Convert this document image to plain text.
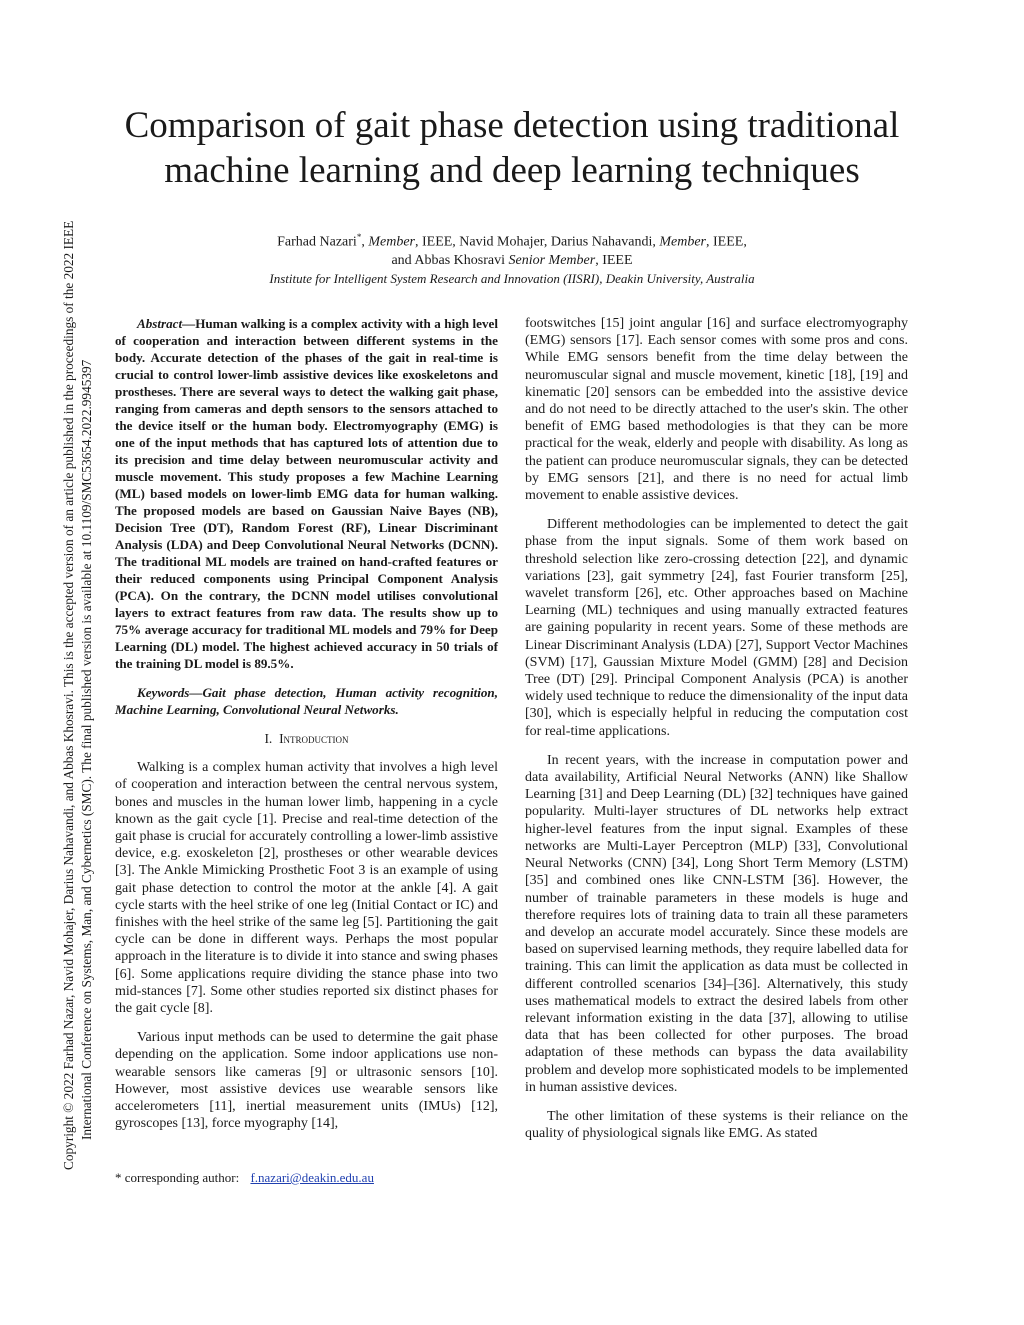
Copyright © 2022 Farhad Nazar, Navid Mohajer, Darius Nahavandi, and Abbas Khosravi. This is the accepted version of an article published in the proceedings of the 2022 IEEE International Conference on Systems, Man, and Cybernetics (SMC). The final published version is available at 10.1109/SMC53654.2022.9945397
Comparison of gait phase detection using traditional
machine learning and deep learning techniques
Farhad Nazari*, Member, IEEE, Navid Mohajer, Darius Nahavandi, Member, IEEE,
and Abbas Khosravi Senior Member, IEEE
Institute for Intelligent System Research and Innovation (IISRI), Deakin University, Australia

Abstract—Human walking is a complex activity with a high level of cooperation and interaction between different systems in the body. Accurate detection of the phases of the gait in real-time is crucial to control lower-limb assistive devices like exoskeletons and prostheses. There are several ways to detect the walking gait phase, ranging from cameras and depth sensors to the sensors attached to the device itself or the human body. Electromyography (EMG) is one of the input methods that has captured lots of attention due to its precision and time delay between neuromuscular activity and muscle movement. This study proposes a few Machine Learning (ML) based models on lower-limb EMG data for human walking. The proposed models are based on Gaussian Naive Bayes (NB), Decision Tree (DT), Random Forest (RF), Linear Discriminant Analysis (LDA) and Deep Convolutional Neural Networks (DCNN). The traditional ML models are trained on hand-crafted features or their reduced components using Principal Component Analysis (PCA). On the contrary, the DCNN model utilises convolutional layers to extract features from raw data. The results show up to 75% average accuracy for traditional ML models and 79% for Deep Learning (DL) model. The highest achieved accuracy in 50 trials of the training DL model is 89.5%.

Keywords—Gait phase detection, Human activity recognition, Machine Learning, Convolutional Neural Networks.

I. Introduction

Walking is a complex human activity that involves a high level of cooperation and interaction between the central nervous system, bones and muscles in the human lower limb, happening in a cycle known as the gait cycle [1]. Precise and real-time detection of the gait phase is crucial for accurately controlling a lower-limb assistive device, e.g. exoskeleton [2], prostheses or other wearable devices [3]. The Ankle Mimicking Prosthetic Foot 3 is an example of using gait phase detection to control the motor at the ankle [4]. A gait cycle starts with the heel strike of one leg (Initial Contact or IC) and finishes with the heel strike of the same leg [5]. Partitioning the gait cycle can be done in different ways. Perhaps the most popular approach in the literature is to divide it into stance and swing phases [6]. Some applications require dividing the stance phase into two mid-stances [7]. Some other studies reported six distinct phases for the gait cycle [8].

Various input methods can be used to determine the gait phase depending on the application. Some indoor applications use non-wearable sensors like cameras [9] or ultrasonic sensors [10]. However, most assistive devices use wearable sensors like accelerometers [11], inertial measurement units (IMUs) [12], gyroscopes [13], force myography [14],

footswitches [15] joint angular [16] and surface electromyography (EMG) sensors [17]. Each sensor comes with some pros and cons. While EMG sensors benefit from the time delay between the neuromuscular signal and muscle movement, kinetic [18], [19] and kinematic [20] sensors can be embedded into the assistive device and do not need to be directly attached to the user's skin. The other benefit of EMG based methodologies is that they can be more practical for the weak, elderly and people with disability. As long as the patient can produce neuromuscular signals, they can be detected by EMG sensors [21], and there is no need for actual limb movement to enable assistive devices.

Different methodologies can be implemented to detect the gait phase from the input signals. Some of them work based on threshold selection like zero-crossing detection [22], and dynamic variations [23], gait symmetry [24], fast Fourier transform [25], wavelet transform [26], etc. Other approaches based on Machine Learning (ML) techniques and using manually extracted features are gaining popularity in recent years. Some of these methods are Linear Discriminant Analysis (LDA) [27], Support Vector Machines (SVM) [17], Gaussian Mixture Model (GMM) [28] and Decision Tree (DT) [29]. Principal Component Analysis (PCA) is another widely used technique to reduce the dimensionality of the input data [30], which is especially helpful in reducing the computation cost for real-time applications.

In recent years, with the increase in computation power and data availability, Artificial Neural Networks (ANN) like Shallow Learning [31] and Deep Learning (DL) [32] techniques have gained popularity. Multi-layer structures of DL networks help extract higher-level features from the input signal. Examples of these networks are Multi-Layer Perceptron (MLP) [33], Convolutional Neural Networks (CNN) [34], Long Short Term Memory (LSTM) [35] and combined ones like CNN-LSTM [36]. However, the number of trainable parameters in these models is huge and therefore requires lots of training data to train all these parameters and develop an accurate model accurately. Since these models are based on supervised learning methods, they require labelled data for training. This can limit the application as data must be collected in different controlled scenarios [34]–[36]. Alternatively, this study uses mathematical models to extract the desired labels from other relevant information existing in the data [37], allowing to utilise data that has been collected for other purposes. The broad adaptation of these methods can bypass the data availability problem and develop more sophisticated models to be implemented in human assistive devices.

The other limitation of these systems is their reliance on the quality of physiological signals like EMG. As stated

* corresponding author: f.nazari@deakin.edu.au
